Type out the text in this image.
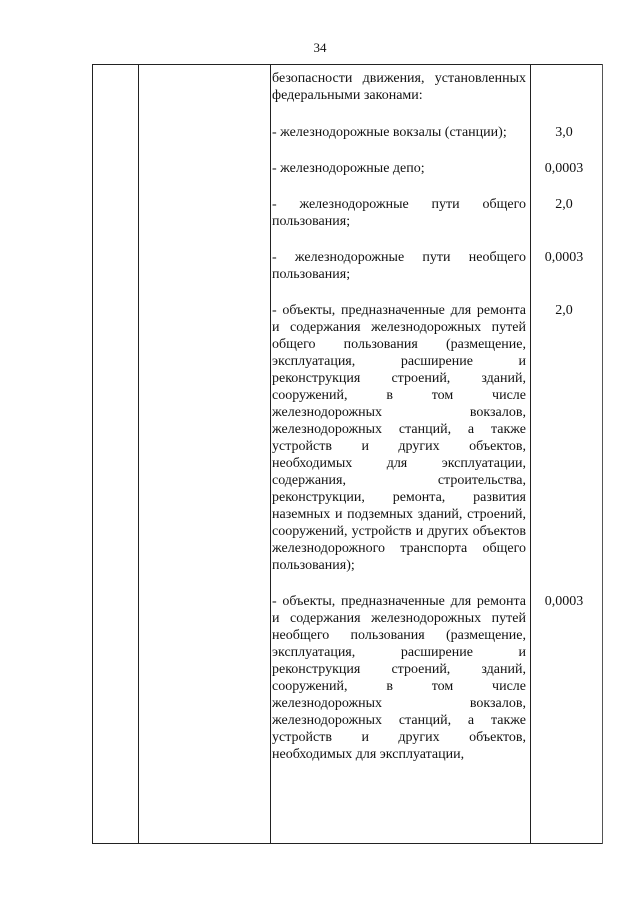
34
безопасности движения, установленных федеральными законами:
- железнодорожные вокзалы (станции);	3,0
- железнодорожные депо;	0,0003
- железнодорожные пути общего пользования;
2,0
- железнодорожные пути необщего пользования;
0,0003
- объекты, предназначенные для ремонта и содержания железнодорожных путей общего пользования (размещение, эксплуатация, расширение и реконструкция строений, зданий, сооружений, в том числе железнодорожных вокзалов, железнодорожных станций, а также устройств и других объектов, необходимых для эксплуатации, содержания, строительства, реконструкции, ремонта, развития наземных и подземных зданий, строений, сооружений, устройств и других объектов железнодорожного транспорта общего пользования);
2,0
- объекты, предназначенные для ремонта и содержания железнодорожных путей необщего пользования (размещение, эксплуатация, расширение и реконструкция строений, зданий, сооружений, в том числе железнодорожных вокзалов, железнодорожных станций, а также устройств и других объектов, необходимых для эксплуатации,
0,0003
